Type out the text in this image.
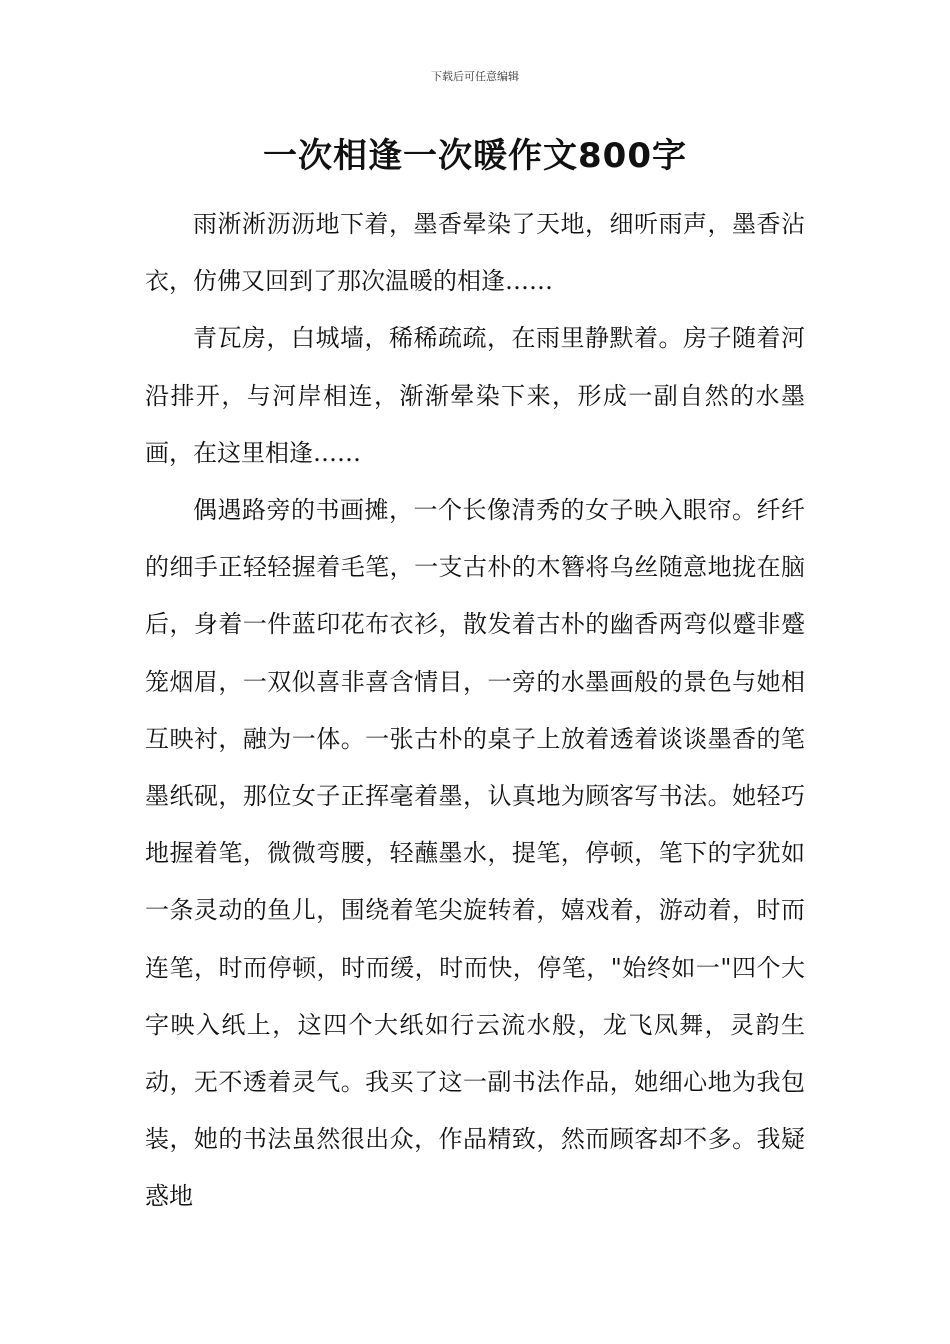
下载后可任意编辑
一次相逢一次暖作文800字

雨淅淅沥沥地下着，墨香晕染了天地，细听雨声，墨香沾衣，仿佛又回到了那次温暖的相逢……

青瓦房，白城墙，稀稀疏疏，在雨里静默着。房子随着河沿排开，与河岸相连，渐渐晕染下来，形成一副自然的水墨画，在这里相逢……

偶遇路旁的书画摊，一个长像清秀的女子映入眼帘。纤纤的细手正轻轻握着毛笔，一支古朴的木簪将乌丝随意地拢在脑后，身着一件蓝印花布衣衫，散发着古朴的幽香两弯似蹙非蹙笼烟眉，一双似喜非喜含情目，一旁的水墨画般的景色与她相互映衬，融为一体。一张古朴的桌子上放着透着谈谈墨香的笔墨纸砚，那位女子正挥毫着墨，认真地为顾客写书法。她轻巧地握着笔，微微弯腰，轻蘸墨水，提笔，停顿，笔下的字犹如一条灵动的鱼儿，围绕着笔尖旋转着，嬉戏着，游动着，时而连笔，时而停顿，时而缓，时而快，停笔，"始终如一"四个大字映入纸上，这四个大纸如行云流水般，龙飞凤舞，灵韵生动，无不透着灵气。我买了这一副书法作品，她细心地为我包装，她的书法虽然很出众，作品精致，然而顾客却不多。我疑惑地
